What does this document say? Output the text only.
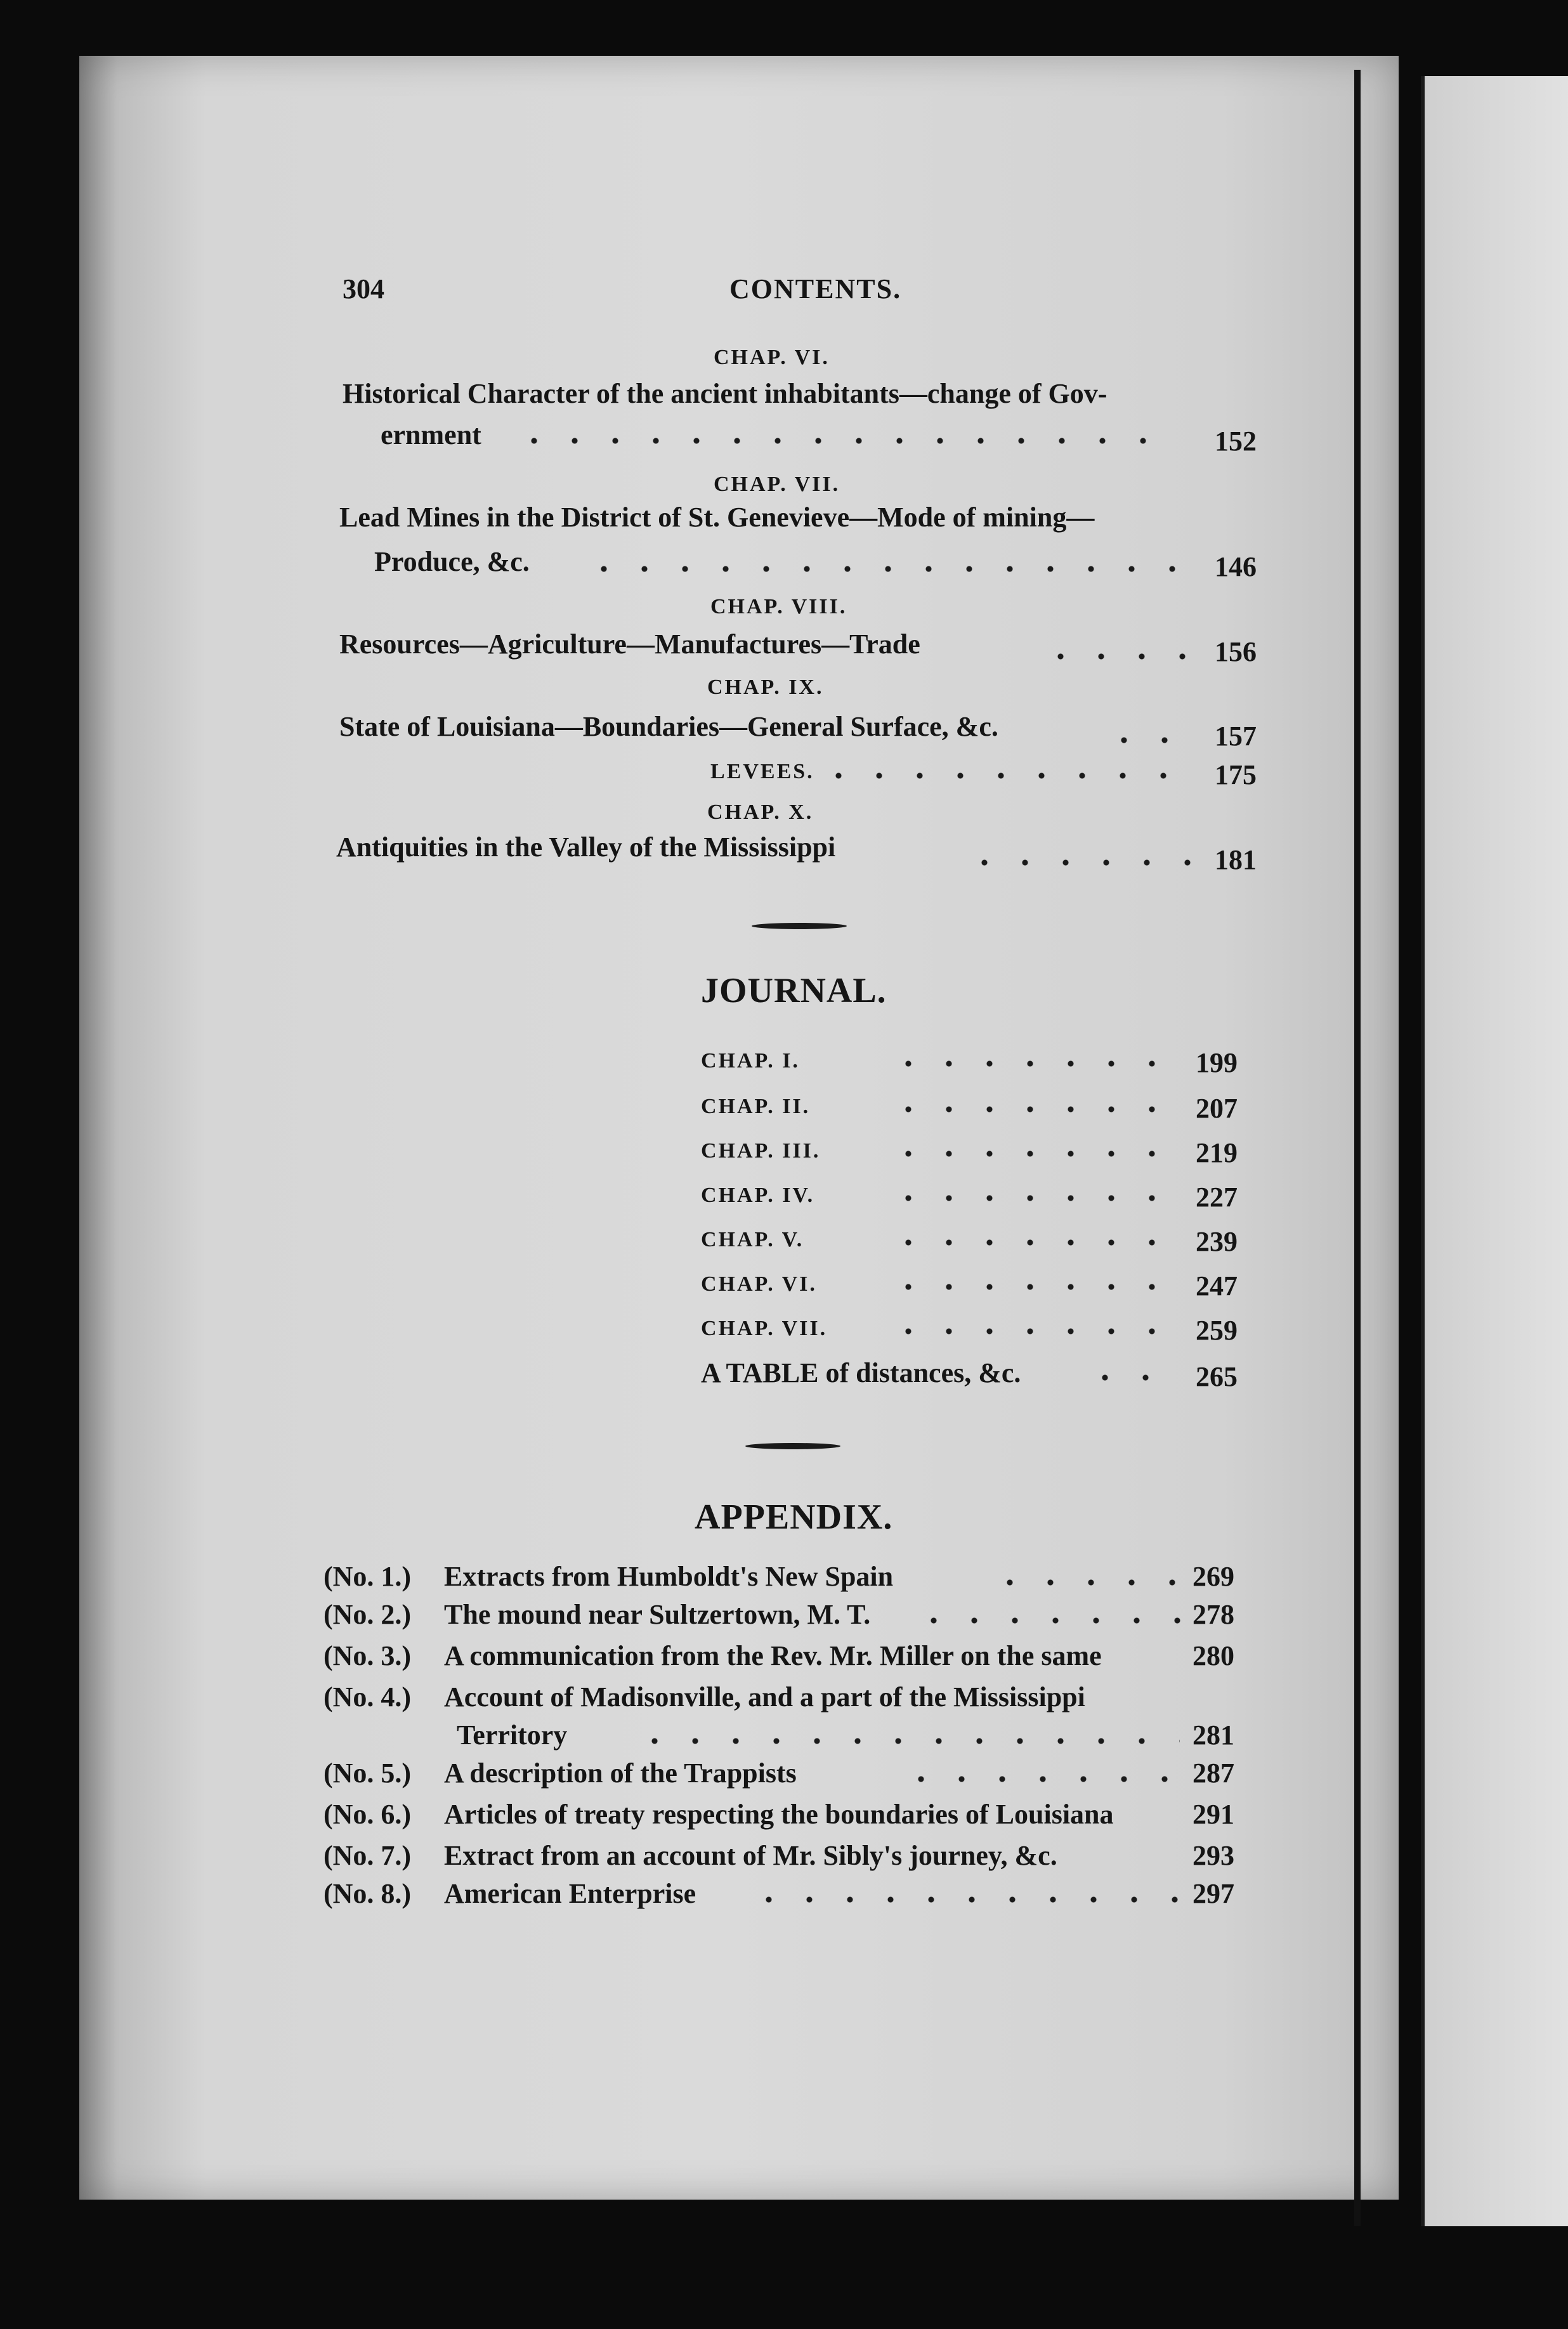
304	CONTENTS.
CHAP. VI.
Historical Character of the ancient inhabitants—change of Gov-
ernment	152
CHAP. VII.
Lead Mines in the District of St. Genevieve—Mode of mining—
Produce, &c.	146
CHAP. VIII.
Resources—Agriculture—Manufactures—Trade	156
CHAP. IX.
State of Louisiana—Boundaries—General Surface, &c.	157
LEVEES.	175
CHAP. X.
Antiquities in the Valley of the Mississippi	181
JOURNAL.
CHAP. I.	199
CHAP. II.	207
CHAP. III.	219
CHAP. IV.	227
CHAP. V.	239
CHAP. VI.	247
CHAP. VII.	259
A TABLE of distances, &c.	265
APPENDIX.
(No. 1.) Extracts from Humboldt's New Spain	269
(No. 2.) The mound near Sultzertown, M. T.	278
(No. 3.) A communication from the Rev. Mr. Miller on the same	280
(No. 4.) Account of Madisonville, and a part of the Mississippi
Territory	281
(No. 5.) A description of the Trappists	287
(No. 6.) Articles of treaty respecting the boundaries of Louisiana	291
(No. 7.) Extract from an account of Mr. Sibly's journey, &c.	293
(No. 8.) American Enterprise	297
